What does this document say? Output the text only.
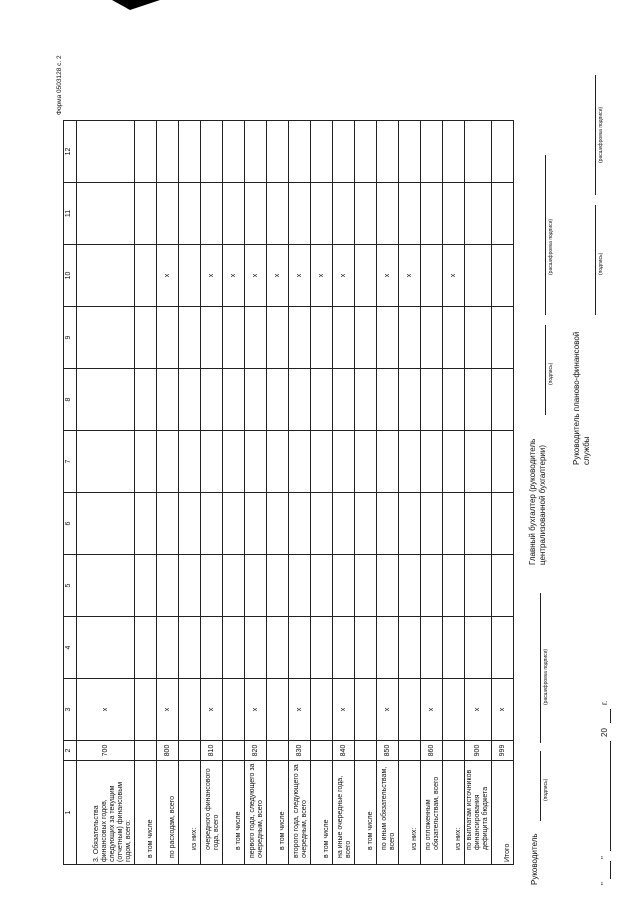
Форма 0503128 с. 2
1	2	3	4	5	6	7	8	9	10	11	12
3. Обязательства финансовых годов, следующих за текущим (отчетным) финансовым годом, всего:	700	x									
в том числе											
по расходам, всего	800	x							x		
из них:											
очередного финансового года, всего	810	x							x		
в том числе									x		
первого года, следующего за очередным, всего	820	x							x		
в том числе									x		
второго года, следующего за очередным, всего	830	x							x		
в том числе									x		
на иные очередные года, всего	840	x							x		
в том числе											
по иным обязательствам, всего	850	x							x		
из них:									x		
по отложенным обязательствам, всего	860	x									
из них:									x		
по выплатам источников финансирования дефицита бюджета	900	x									
Итого	999	x									
Руководитель
(подпись)
(расшифровка подписи)
Главный бухгалтер (руководитель централизованной бухгалтерии)
(подпись)
(расшифровка подписи)
Руководитель планово-финансовой службы
(подпись)
(расшифровка подписи)
"
"
20
г.
